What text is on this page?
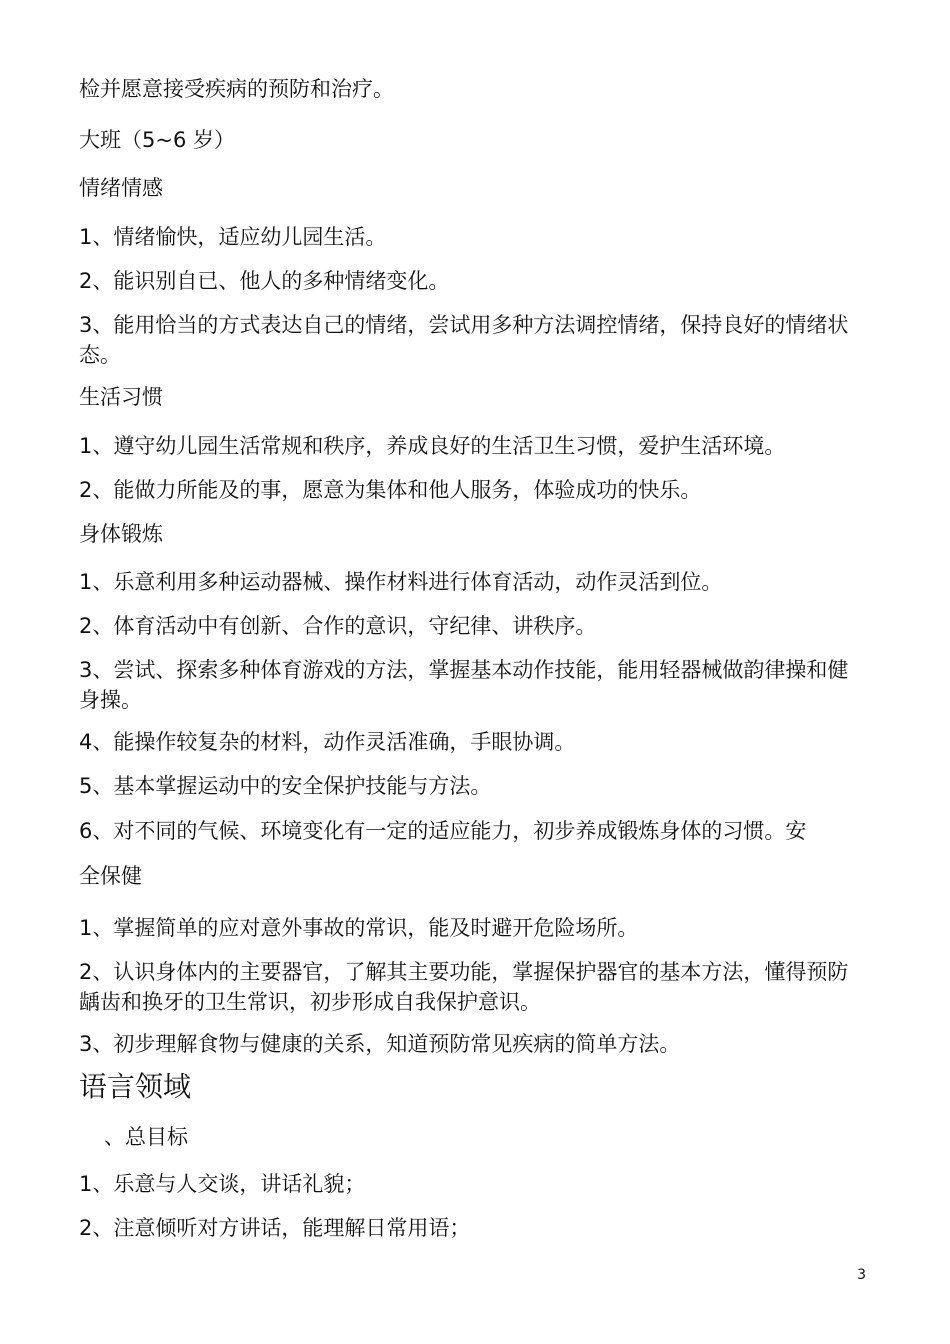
检并愿意接受疾病的预防和治疗。
大班（5~6 岁）
情绪情感
1、情绪愉快，适应幼儿园生活。
2、能识别自已、他人的多种情绪变化。
3、能用恰当的方式表达自己的情绪，尝试用多种方法调控情绪，保持良好的情绪状态。
生活习惯
1、遵守幼儿园生活常规和秩序，养成良好的生活卫生习惯，爱护生活环境。
2、能做力所能及的事，愿意为集体和他人服务，体验成功的快乐。
身体锻炼
1、乐意利用多种运动器械、操作材料进行体育活动，动作灵活到位。
2、体育活动中有创新、合作的意识，守纪律、讲秩序。
3、尝试、探索多种体育游戏的方法，掌握基本动作技能，能用轻器械做韵律操和健身操。
4、能操作较复杂的材料，动作灵活准确，手眼协调。
5、基本掌握运动中的安全保护技能与方法。
6、对不同的气候、环境变化有一定的适应能力，初步养成锻炼身体的习惯。安
全保健
1、掌握简单的应对意外事故的常识，能及时避开危险场所。
2、认识身体内的主要器官，了解其主要功能，掌握保护器官的基本方法，懂得预防龋齿和换牙的卫生常识，初步形成自我保护意识。
3、初步理解食物与健康的关系，知道预防常见疾病的简单方法。
语言领域
、总目标
1、乐意与人交谈，讲话礼貌；
2、注意倾听对方讲话，能理解日常用语；
3
